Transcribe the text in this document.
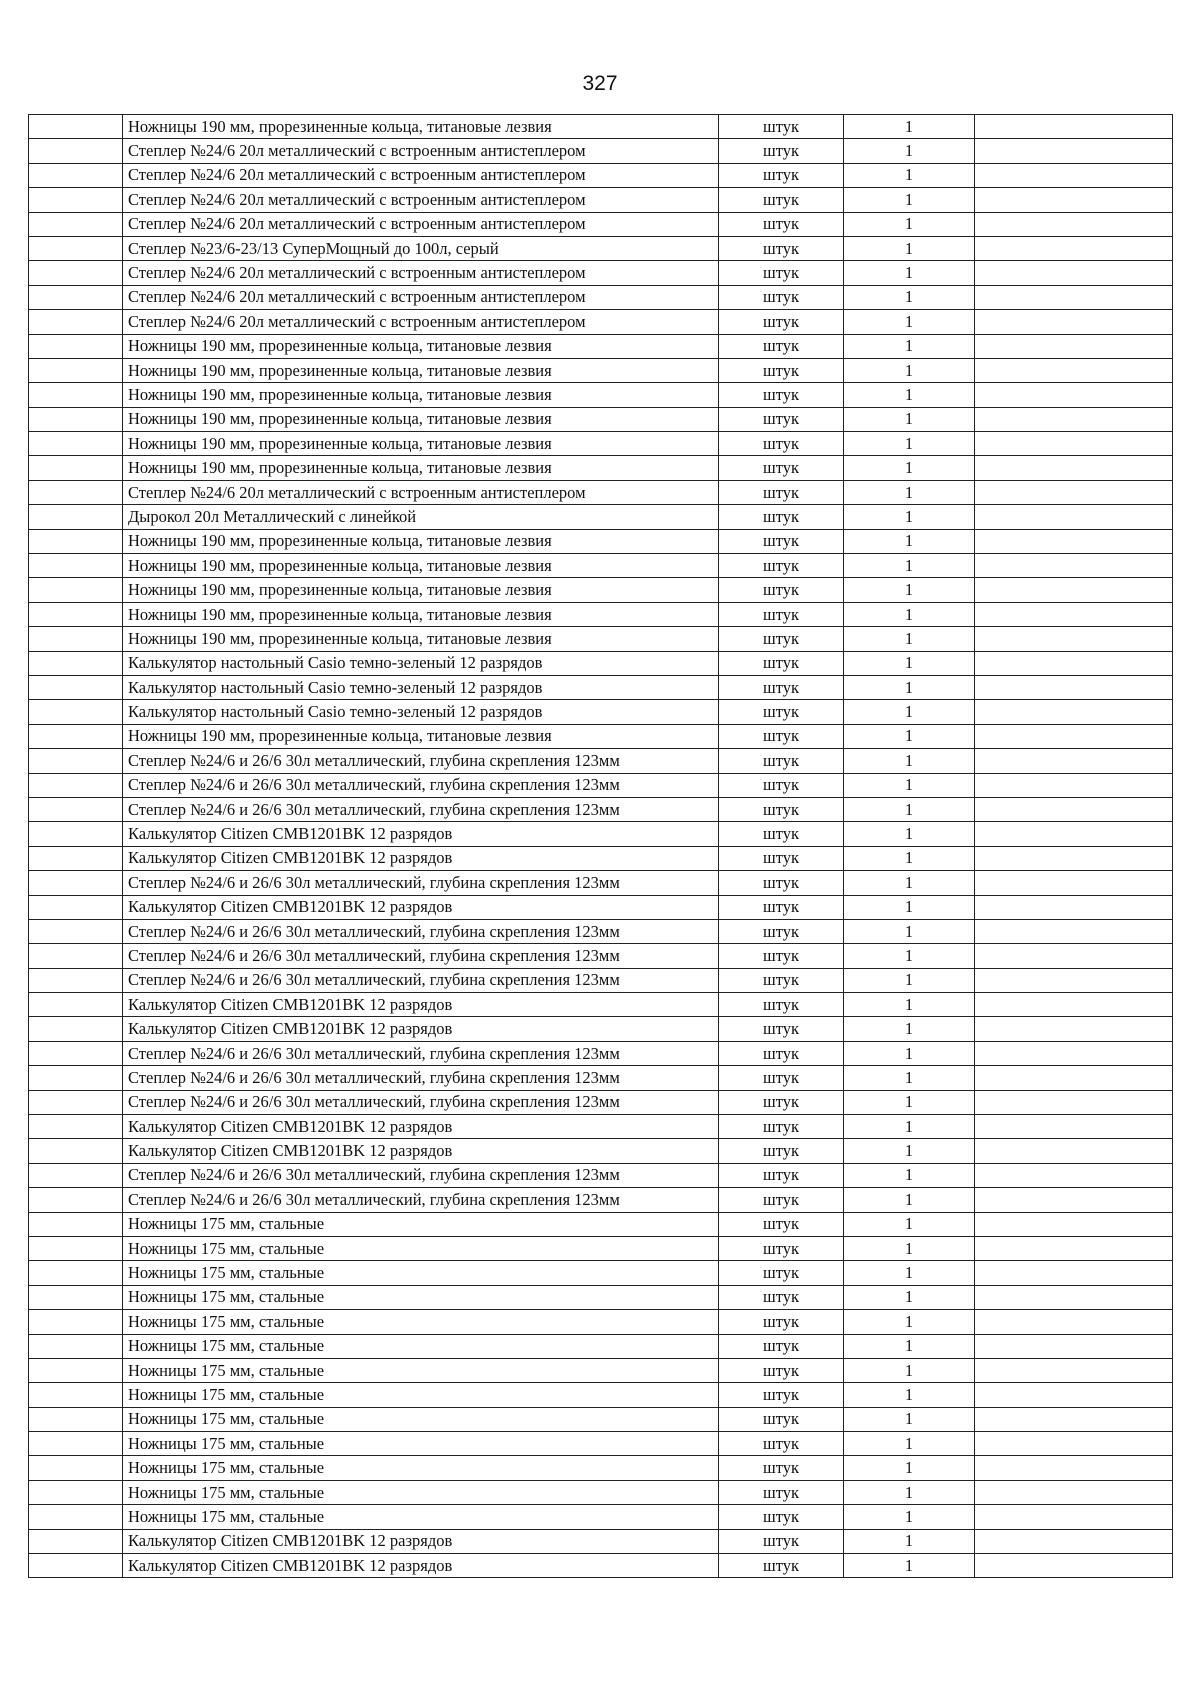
327
	Ножницы 190 мм, прорезиненные кольца, титановые лезвия	штук	1	
	Степлер №24/6 20л металлический с встроенным антистеплером	штук	1	
	Степлер №24/6 20л металлический с встроенным антистеплером	штук	1	
	Степлер №24/6 20л металлический с встроенным антистеплером	штук	1	
	Степлер №24/6 20л металлический с встроенным антистеплером	штук	1	
	Степлер №23/6-23/13 СуперМощный до 100л, серый	штук	1	
	Степлер №24/6 20л металлический с встроенным антистеплером	штук	1	
	Степлер №24/6 20л металлический с встроенным антистеплером	штук	1	
	Степлер №24/6 20л металлический с встроенным антистеплером	штук	1	
	Ножницы 190 мм, прорезиненные кольца, титановые лезвия	штук	1	
	Ножницы 190 мм, прорезиненные кольца, титановые лезвия	штук	1	
	Ножницы 190 мм, прорезиненные кольца, титановые лезвия	штук	1	
	Ножницы 190 мм, прорезиненные кольца, титановые лезвия	штук	1	
	Ножницы 190 мм, прорезиненные кольца, титановые лезвия	штук	1	
	Ножницы 190 мм, прорезиненные кольца, титановые лезвия	штук	1	
	Степлер №24/6 20л металлический с встроенным антистеплером	штук	1	
	Дырокол 20л Металлический с линейкой	штук	1	
	Ножницы 190 мм, прорезиненные кольца, титановые лезвия	штук	1	
	Ножницы 190 мм, прорезиненные кольца, титановые лезвия	штук	1	
	Ножницы 190 мм, прорезиненные кольца, титановые лезвия	штук	1	
	Ножницы 190 мм, прорезиненные кольца, титановые лезвия	штук	1	
	Ножницы 190 мм, прорезиненные кольца, титановые лезвия	штук	1	
	Калькулятор настольный Casio темно-зеленый 12 разрядов	штук	1	
	Калькулятор настольный Casio темно-зеленый 12 разрядов	штук	1	
	Калькулятор настольный Casio темно-зеленый 12 разрядов	штук	1	
	Ножницы 190 мм, прорезиненные кольца, титановые лезвия	штук	1	
	Степлер №24/6 и 26/6 30л металлический, глубина скрепления 123мм	штук	1	
	Степлер №24/6 и 26/6 30л металлический, глубина скрепления 123мм	штук	1	
	Степлер №24/6 и 26/6 30л металлический, глубина скрепления 123мм	штук	1	
	Калькулятор Citizen CMB1201BK 12 разрядов	штук	1	
	Калькулятор Citizen CMB1201BK 12 разрядов	штук	1	
	Степлер №24/6 и 26/6 30л металлический, глубина скрепления 123мм	штук	1	
	Калькулятор Citizen CMB1201BK 12 разрядов	штук	1	
	Степлер №24/6 и 26/6 30л металлический, глубина скрепления 123мм	штук	1	
	Степлер №24/6 и 26/6 30л металлический, глубина скрепления 123мм	штук	1	
	Степлер №24/6 и 26/6 30л металлический, глубина скрепления 123мм	штук	1	
	Калькулятор Citizen CMB1201BK 12 разрядов	штук	1	
	Калькулятор Citizen CMB1201BK 12 разрядов	штук	1	
	Степлер №24/6 и 26/6 30л металлический, глубина скрепления 123мм	штук	1	
	Степлер №24/6 и 26/6 30л металлический, глубина скрепления 123мм	штук	1	
	Степлер №24/6 и 26/6 30л металлический, глубина скрепления 123мм	штук	1	
	Калькулятор Citizen CMB1201BK 12 разрядов	штук	1	
	Калькулятор Citizen CMB1201BK 12 разрядов	штук	1	
	Степлер №24/6 и 26/6 30л металлический, глубина скрепления 123мм	штук	1	
	Степлер №24/6 и 26/6 30л металлический, глубина скрепления 123мм	штук	1	
	Ножницы 175 мм, стальные	штук	1	
	Ножницы 175 мм, стальные	штук	1	
	Ножницы 175 мм, стальные	штук	1	
	Ножницы 175 мм, стальные	штук	1	
	Ножницы 175 мм, стальные	штук	1	
	Ножницы 175 мм, стальные	штук	1	
	Ножницы 175 мм, стальные	штук	1	
	Ножницы 175 мм, стальные	штук	1	
	Ножницы 175 мм, стальные	штук	1	
	Ножницы 175 мм, стальные	штук	1	
	Ножницы 175 мм, стальные	штук	1	
	Ножницы 175 мм, стальные	штук	1	
	Ножницы 175 мм, стальные	штук	1	
	Калькулятор Citizen CMB1201BK 12 разрядов	штук	1	
	Калькулятор Citizen CMB1201BK 12 разрядов	штук	1	
